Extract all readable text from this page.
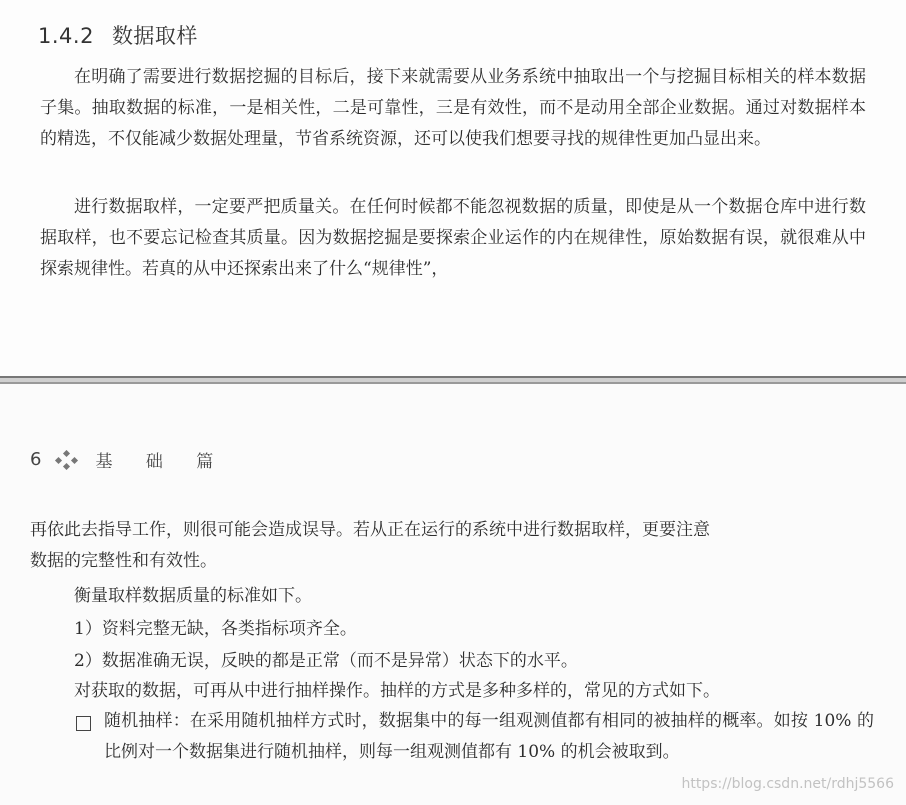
1.4.2 数据取样
在明确了需要进行数据挖掘的目标后，接下来就需要从业务系统中抽取出一个与挖掘目标相关的样本数据子集。抽取数据的标准，一是相关性，二是可靠性，三是有效性，而不是动用全部企业数据。通过对数据样本的精选，不仅能减少数据处理量，节省系统资源，还可以使我们想要寻找的规律性更加凸显出来。
进行数据取样，一定要严把质量关。在任何时候都不能忽视数据的质量，即使是从一个数据仓库中进行数据取样，也不要忘记检查其质量。因为数据挖掘是要探索企业运作的内在规律性，原始数据有误，就很难从中探索规律性。若真的从中还探索出来了什么“规律性”，
6	基 础 篇
再依此去指导工作，则很可能会造成误导。若从正在运行的系统中进行数据取样，更要注意
数据的完整性和有效性。
衡量取样数据质量的标准如下。
1）资料完整无缺，各类指标项齐全。
2）数据准确无误，反映的都是正常（而不是异常）状态下的水平。
对获取的数据，可再从中进行抽样操作。抽样的方式是多种多样的，常见的方式如下。
随机抽样：在采用随机抽样方式时，数据集中的每一组观测值都有相同的被抽样的概率。如按 10% 的比例对一个数据集进行随机抽样，则每一组观测值都有 10% 的机会被取到。
https://blog.csdn.net/rdhj5566
